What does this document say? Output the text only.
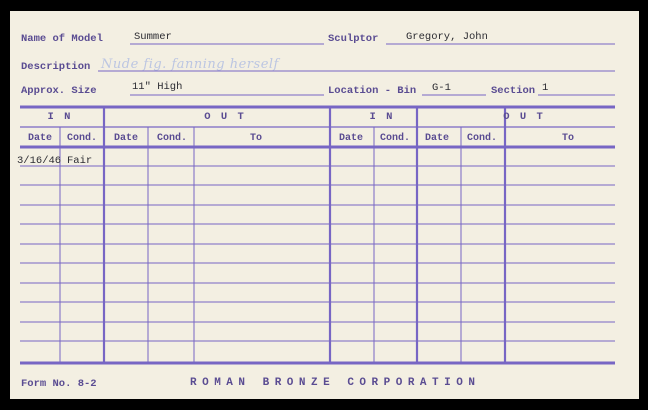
Name of Model	Summer	Sculptor	Gregory, John
Description Nude fig. fanning herself
Approx. Size	11" High	Location - Bin G-1	Section 1
I N	O U T	I N	O U T
Date Cond. Date Cond.	To	Date Cond. Date Cond.	To
3/16/46 Fair
Form No. 8-2	ROMAN BRONZE CORPORATION
